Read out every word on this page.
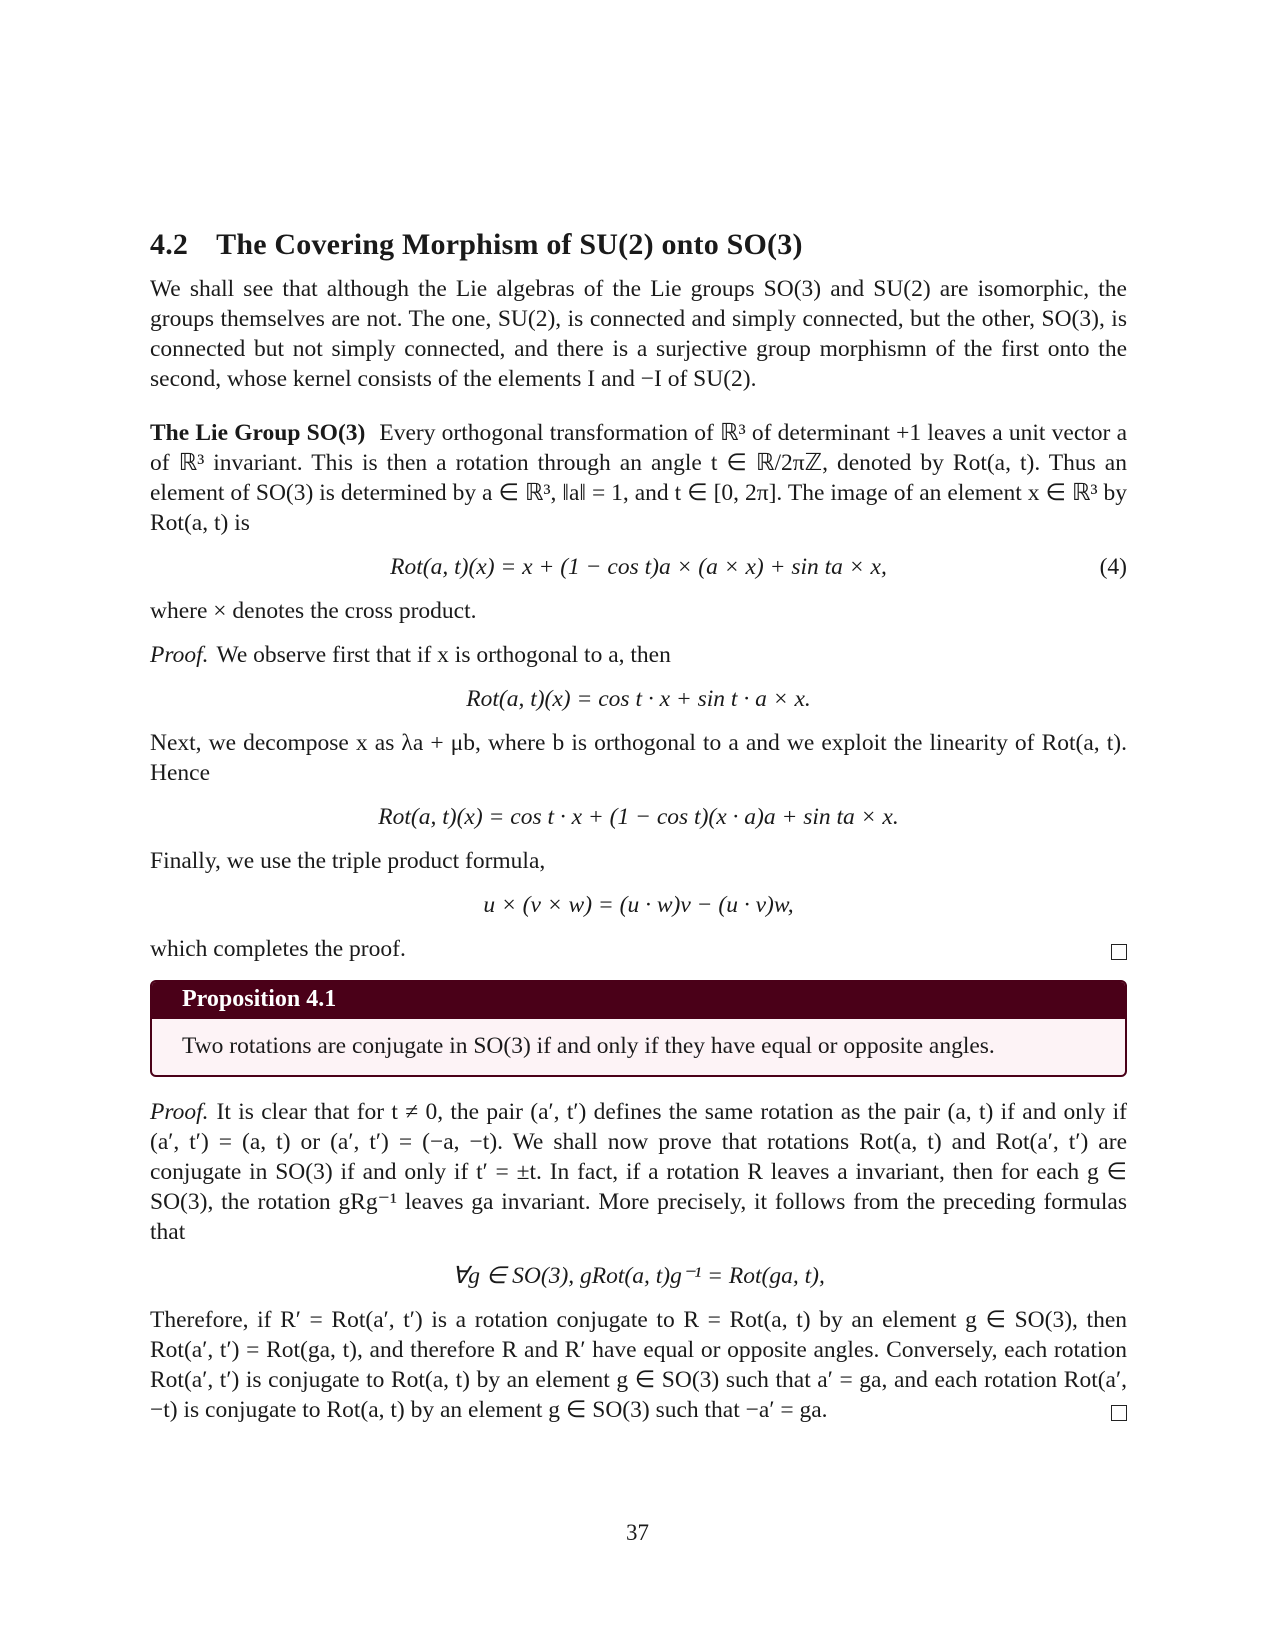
4.2 The Covering Morphism of SU(2) onto SO(3)

We shall see that although the Lie algebras of the Lie groups SO(3) and SU(2) are isomorphic, the groups themselves are not. The one, SU(2), is connected and simply connected, but the other, SO(3), is connected but not simply connected, and there is a surjective group morphismn of the first onto the second, whose kernel consists of the elements I and −I of SU(2).

The Lie Group SO(3) Every orthogonal transformation of ℝ³ of determinant +1 leaves a unit vector a of ℝ³ invariant. This is then a rotation through an angle t ∈ ℝ/2πℤ, denoted by Rot(a, t). Thus an element of SO(3) is determined by a ∈ ℝ³, ‖a‖ = 1, and t ∈ [0, 2π]. The image of an element x ∈ ℝ³ by Rot(a, t) is

Rot(a, t)(x) = x + (1 − cos t)a × (a × x) + sin ta × x,	(4)

where × denotes the cross product.

Proof. We observe first that if x is orthogonal to a, then

Rot(a, t)(x) = cos t · x + sin t · a × x.

Next, we decompose x as λa + μb, where b is orthogonal to a and we exploit the linearity of Rot(a, t). Hence

Rot(a, t)(x) = cos t · x + (1 − cos t)(x · a)a + sin ta × x.

Finally, we use the triple product formula,

u × (v × w) = (u · w)v − (u · v)w,

which completes the proof.

Proposition 4.1
Two rotations are conjugate in SO(3) if and only if they have equal or opposite angles.

Proof. It is clear that for t ≠ 0, the pair (a′, t′) defines the same rotation as the pair (a, t) if and only if (a′, t′) = (a, t) or (a′, t′) = (−a, −t). We shall now prove that rotations Rot(a, t) and Rot(a′, t′) are conjugate in SO(3) if and only if t′ = ±t. In fact, if a rotation R leaves a invariant, then for each g ∈ SO(3), the rotation gRg⁻¹ leaves ga invariant. More precisely, it follows from the preceding formulas that

∀g ∈ SO(3), gRot(a, t)g⁻¹ = Rot(ga, t),

Therefore, if R′ = Rot(a′, t′) is a rotation conjugate to R = Rot(a, t) by an element g ∈ SO(3), then Rot(a′, t′) = Rot(ga, t), and therefore R and R′ have equal or opposite angles. Conversely, each rotation Rot(a′, t′) is conjugate to Rot(a, t) by an element g ∈ SO(3) such that a′ = ga, and each rotation Rot(a′, −t) is conjugate to Rot(a, t) by an element g ∈ SO(3) such that −a′ = ga.

37
